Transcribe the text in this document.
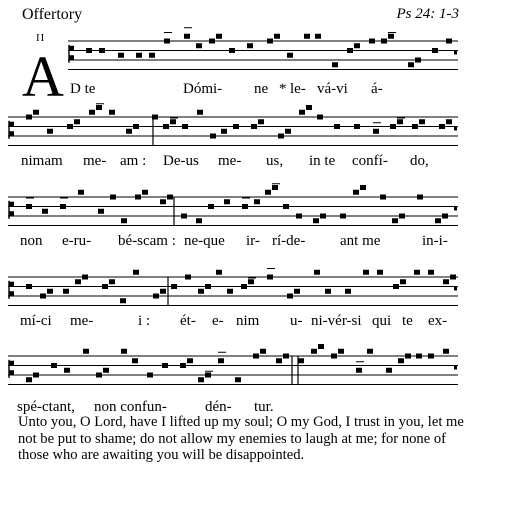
Offertory	Ps 24: 1-3
II
A D te	Dómi- ne * le- vá-vi á-
nimam me- am : De-us me- us, in te confí- do,
non e-ru- bé-scam : ne-que ir- rí-de- ant me	in-i-
mí-ci me-	i : ét- e- nim u- ni-vér-si qui te ex-
spé-ctant, non confun-	dén- tur.
Unto you, O Lord, have I lifted up my soul; O my God, I trust in you, let me not be put to shame; do not allow my enemies to laugh at me; for none of those who are awaiting you will be disappointed.
